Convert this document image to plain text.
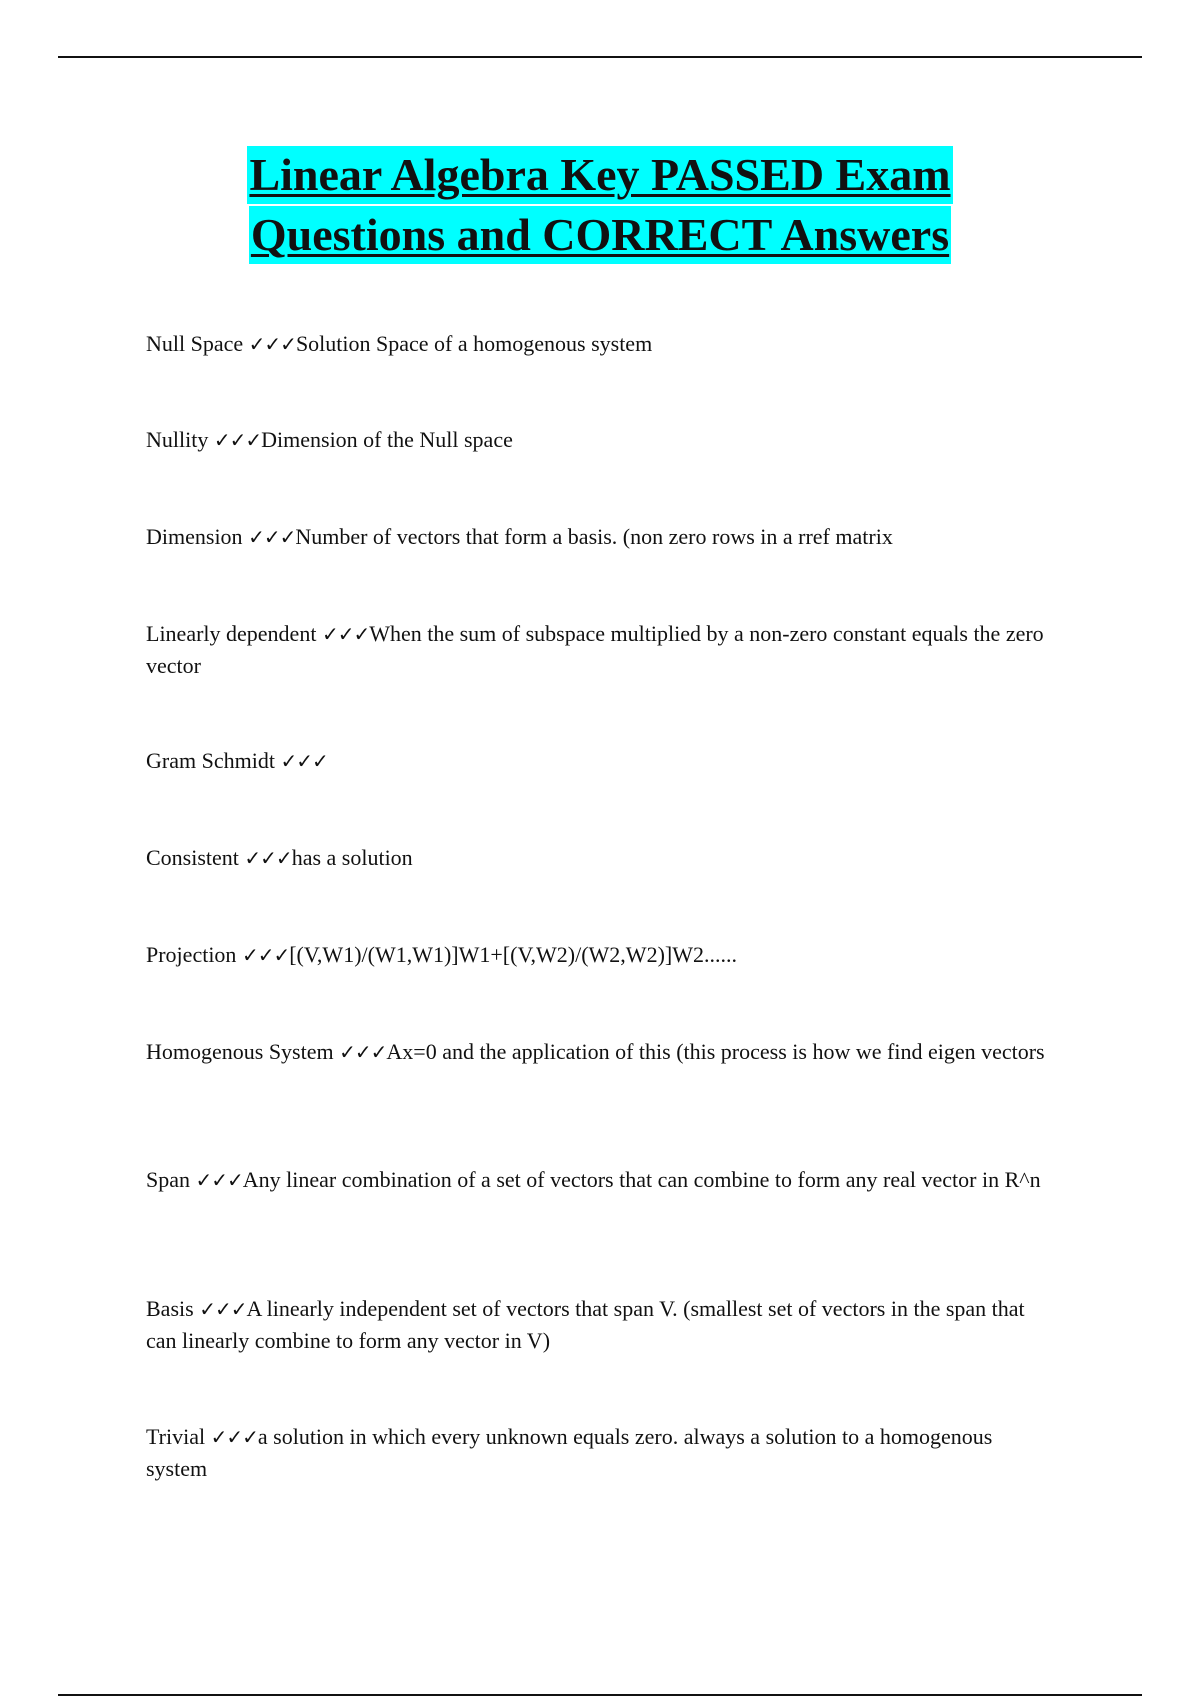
Linear Algebra Key PASSED Exam
Questions and CORRECT Answers
Null Space ✓✓✓Solution Space of a homogenous system
Nullity ✓✓✓Dimension of the Null space
Dimension ✓✓✓Number of vectors that form a basis. (non zero rows in a rref matrix
Linearly dependent ✓✓✓When the sum of subspace multiplied by a non-zero constant equals the zero vector
Gram Schmidt ✓✓✓
Consistent ✓✓✓has a solution
Projection ✓✓✓[(V,W1)/(W1,W1)]W1+[(V,W2)/(W2,W2)]W2......
Homogenous System ✓✓✓Ax=0 and the application of this (this process is how we find eigen vectors
Span ✓✓✓Any linear combination of a set of vectors that can combine to form any real vector in R^n
Basis ✓✓✓A linearly independent set of vectors that span V. (smallest set of vectors in the span that can linearly combine to form any vector in V)
Trivial ✓✓✓a solution in which every unknown equals zero. always a solution to a homogenous system
